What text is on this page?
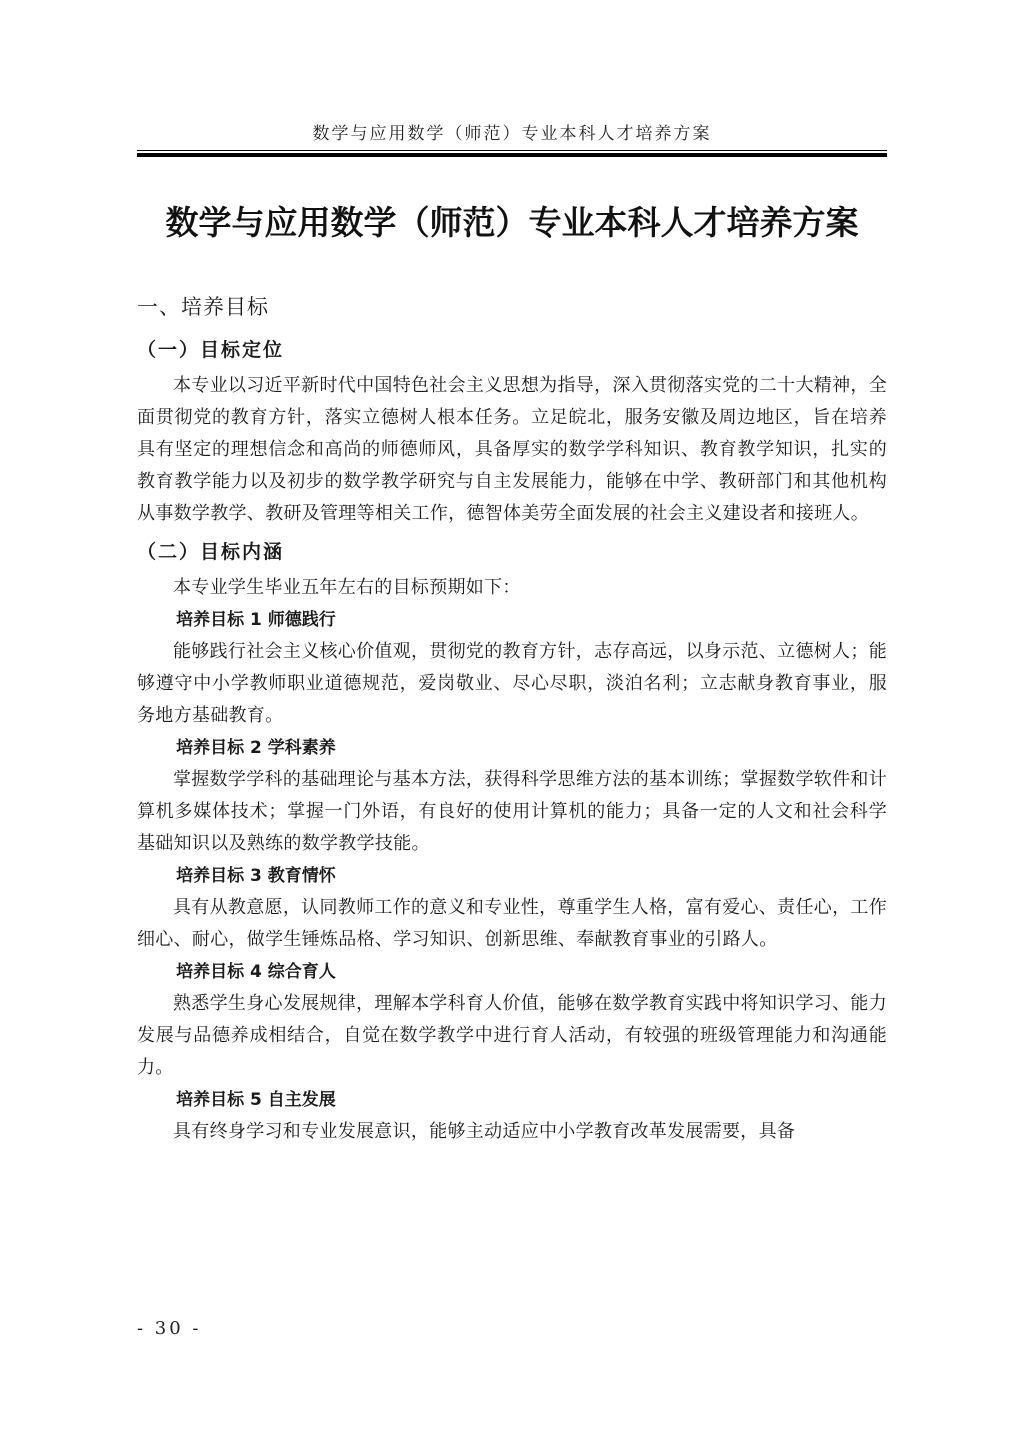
数学与应用数学（师范）专业本科人才培养方案
数学与应用数学（师范）专业本科人才培养方案
一、培养目标
（一）目标定位

本专业以习近平新时代中国特色社会主义思想为指导，深入贯彻落实党的二十大精神，全面贯彻党的教育方针，落实立德树人根本任务。立足皖北，服务安徽及周边地区，旨在培养具有坚定的理想信念和高尚的师德师风，具备厚实的数学学科知识、教育教学知识，扎实的教育教学能力以及初步的数学教学研究与自主发展能力，能够在中学、教研部门和其他机构从事数学教学、教研及管理等相关工作，德智体美劳全面发展的社会主义建设者和接班人。

（二）目标内涵

本专业学生毕业五年左右的目标预期如下：

培养目标 1 师德践行

能够践行社会主义核心价值观，贯彻党的教育方针，志存高远，以身示范、立德树人；能够遵守中小学教师职业道德规范，爱岗敬业、尽心尽职，淡泊名利；立志献身教育事业，服务地方基础教育。

培养目标 2 学科素养

掌握数学学科的基础理论与基本方法，获得科学思维方法的基本训练；掌握数学软件和计算机多媒体技术；掌握一门外语，有良好的使用计算机的能力；具备一定的人文和社会科学基础知识以及熟练的数学教学技能。

培养目标 3 教育情怀

具有从教意愿，认同教师工作的意义和专业性，尊重学生人格，富有爱心、责任心，工作细心、耐心，做学生锤炼品格、学习知识、创新思维、奉献教育事业的引路人。

培养目标 4 综合育人

熟悉学生身心发展规律，理解本学科育人价值，能够在数学教育实践中将知识学习、能力发展与品德养成相结合，自觉在数学教学中进行育人活动，有较强的班级管理能力和沟通能力。

培养目标 5 自主发展

具有终身学习和专业发展意识，能够主动适应中小学教育改革发展需要，具备

- 30 -
